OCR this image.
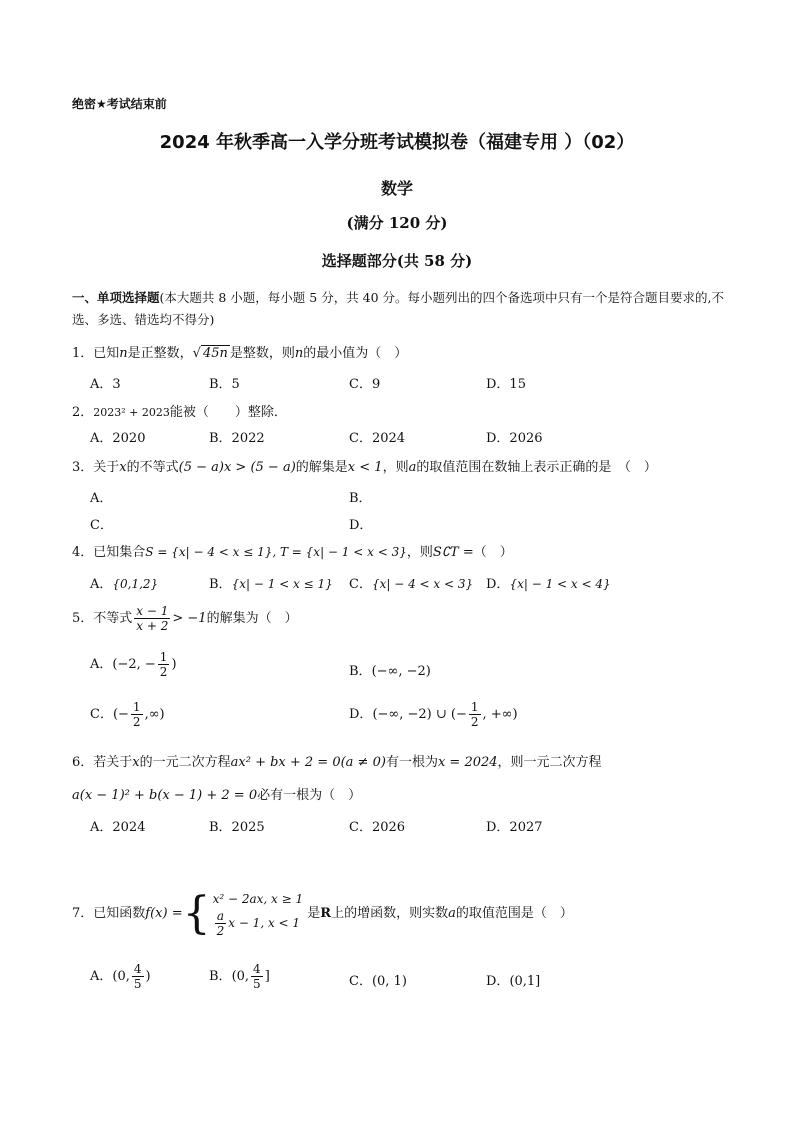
绝密★考试结束前
2024 年秋季高一入学分班考试模拟卷（福建专用 ）（02）
数学
(满分 120 分)
选择题部分(共 58 分)
一、单项选择题(本大题共 8 小题，每小题 5 分，共 40 分。每小题列出的四个备选项中只有一个是符合题目要求的,不选、多选、错选均不得分)
1．已知n是正整数，√ 45n 是整数，则n的最小值为（　）
A．3	B．5	C．9	D．15
2．2023² + 2023能被（　　）整除．
A．2020	B．2022	C．2024	D．2026
3．关于x的不等式(5 − a)x > (5 − a)的解集是x < 1，则a的取值范围在数轴上表示正确的是　（　）
A．	B．
C．	D．
4．已知集合S = {x| − 4 < x ≤ 1}, T = {x| − 1 < x < 3}，则S∁T =（　）
A．{0,1,2}	B．{x| − 1 < x ≤ 1} C．{x| − 4 < x < 3} D．{x| − 1 < x < 4}
5．不等式 $\frac{x - 1}{x + 2} > -1$的解集为（　）
A．(−2, − $\frac{1}{2}$ )	B．(−∞, −2)
C．(− $\frac{1}{2}$ ,∞)	D．(−∞, −2) ∪ (− $\frac{1}{2}$ , +∞)
6．若关于x的一元二次方程ax² + bx + 2 = 0(a ≠ 0)有一根为x = 2024，则一元二次方程
a(x − 1)² + b(x − 1) + 2 = 0必有一根为（　）
A．2024	B．2025	C．2026	D．2027
7．已知函数f(x) = { x² − 2ax, x ≥ 1
$\frac{a}{2}$ x − 1, x < 1
是R上的增函数，则实数a的取值范围是（　）
A．(0, $\frac{4}{5}$ )	B．(0, $\frac{4}{5}$ ]	C．(0, 1)	D．(0,1]
